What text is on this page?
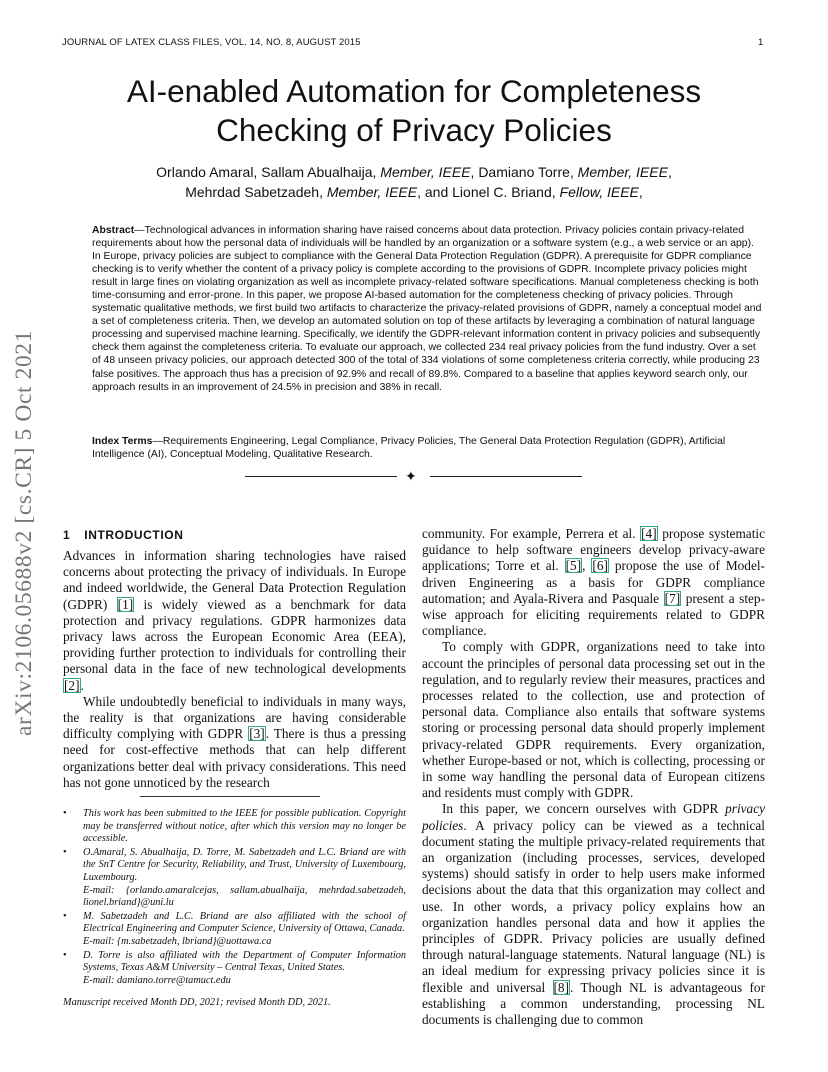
JOURNAL OF LATEX CLASS FILES, VOL. 14, NO. 8, AUGUST 2015	1
AI-enabled Automation for Completeness Checking of Privacy Policies
Orlando Amaral, Sallam Abualhaija, Member, IEEE, Damiano Torre, Member, IEEE,
Mehrdad Sabetzadeh, Member, IEEE, and Lionel C. Briand, Fellow, IEEE,
Abstract—Technological advances in information sharing have raised concerns about data protection. Privacy policies contain privacy-related requirements about how the personal data of individuals will be handled by an organization or a software system (e.g., a web service or an app). In Europe, privacy policies are subject to compliance with the General Data Protection Regulation (GDPR). A prerequisite for GDPR compliance checking is to verify whether the content of a privacy policy is complete according to the provisions of GDPR. Incomplete privacy policies might result in large fines on violating organization as well as incomplete privacy-related software specifications. Manual completeness checking is both time-consuming and error-prone. In this paper, we propose AI-based automation for the completeness checking of privacy policies. Through systematic qualitative methods, we first build two artifacts to characterize the privacy-related provisions of GDPR, namely a conceptual model and a set of completeness criteria. Then, we develop an automated solution on top of these artifacts by leveraging a combination of natural language processing and supervised machine learning. Specifically, we identify the GDPR-relevant information content in privacy policies and subsequently check them against the completeness criteria. To evaluate our approach, we collected 234 real privacy policies from the fund industry. Over a set of 48 unseen privacy policies, our approach detected 300 of the total of 334 violations of some completeness criteria correctly, while producing 23 false positives. The approach thus has a precision of 92.9% and recall of 89.8%. Compared to a baseline that applies keyword search only, our approach results in an improvement of 24.5% in precision and 38% in recall.
Index Terms—Requirements Engineering, Legal Compliance, Privacy Policies, The General Data Protection Regulation (GDPR), Artificial Intelligence (AI), Conceptual Modeling, Qualitative Research.
✦
arXiv:2106.05688v2 [cs.CR] 5 Oct 2021	1 INTRODUCTION

Advances in information sharing technologies have raised concerns about protecting the privacy of individuals. In Europe and indeed worldwide, the General Data Protection Regulation (GDPR) [1] is widely viewed as a benchmark for data protection and privacy regulations. GDPR harmonizes data privacy laws across the European Economic Area (EEA), providing further protection to individuals for controlling their personal data in the face of new technological developments [2].

While undoubtedly beneficial to individuals in many ways, the reality is that organizations are having considerable difficulty complying with GDPR [3]. There is thus a pressing need for cost-effective methods that can help different organizations better deal with privacy considerations. This need has not gone unnoticed by the research

• This work has been submitted to the IEEE for possible publication. Copyright may be transferred without notice, after which this version may no longer be accessible.
• O.Amaral, S. Abualhaija, D. Torre, M. Sabetzadeh and L.C. Briand are with the SnT Centre for Security, Reliability, and Trust, University of Luxembourg, Luxembourg.
E-mail: {orlando.amaralcejas, sallam.abualhaija, mehrdad.sabetzadeh, lionel.briand}@uni.lu
• M. Sabetzadeh and L.C. Briand are also affiliated with the school of Electrical Engineering and Computer Science, University of Ottawa, Canada.
E-mail: {m.sabetzadeh, lbriand}@uottawa.ca
• D. Torre is also affiliated with the Department of Computer Information Systems, Texas A&M University – Central Texas, United States.
E-mail: damiano.torre@tamuct.edu
Manuscript received Month DD, 2021; revised Month DD, 2021.

community. For example, Perrera et al. [4] propose systematic guidance to help software engineers develop privacy-aware applications; Torre et al. [5], [6] propose the use of Model-driven Engineering as a basis for GDPR compliance automation; and Ayala-Rivera and Pasquale [7] present a step-wise approach for eliciting requirements related to GDPR compliance.

To comply with GDPR, organizations need to take into account the principles of personal data processing set out in the regulation, and to regularly review their measures, practices and processes related to the collection, use and protection of personal data. Compliance also entails that software systems storing or processing personal data should properly implement privacy-related GDPR requirements. Every organization, whether Europe-based or not, which is collecting, processing or in some way handling the personal data of European citizens and residents must comply with GDPR.

In this paper, we concern ourselves with GDPR privacy policies. A privacy policy can be viewed as a technical document stating the multiple privacy-related requirements that an organization (including processes, services, developed systems) should satisfy in order to help users make informed decisions about the data that this organization may collect and use. In other words, a privacy policy explains how an organization handles personal data and how it applies the principles of GDPR. Privacy policies are usually defined through natural-language statements. Natural language (NL) is an ideal medium for expressing privacy policies since it is flexible and universal [8]. Though NL is advantageous for establishing a common understanding, processing NL documents is challenging due to common
